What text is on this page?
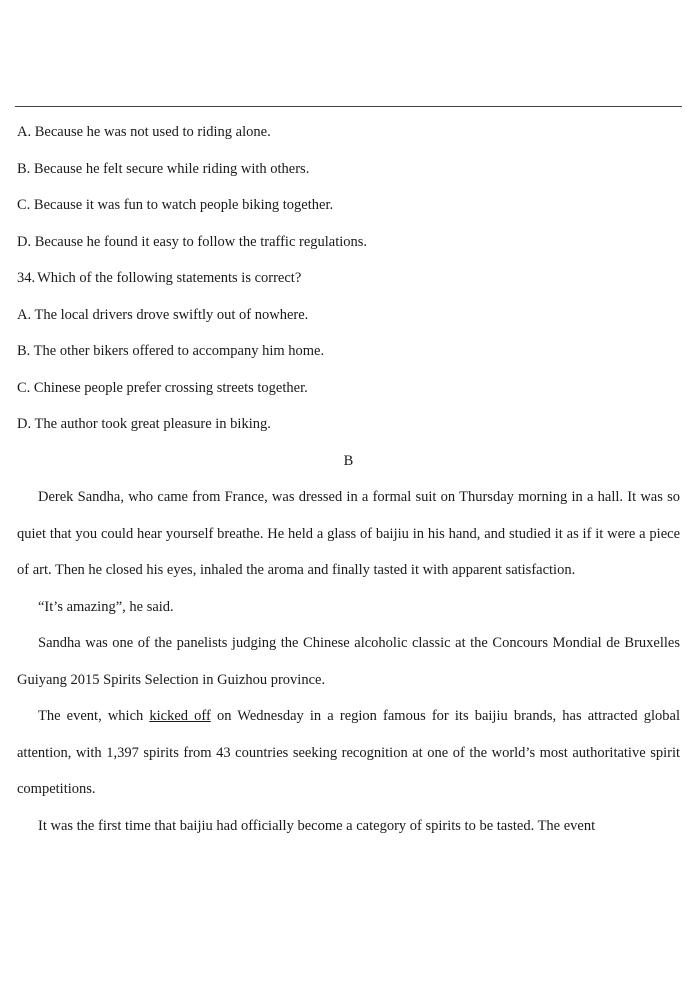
A. Because he was not used to riding alone.
B. Because he felt secure while riding with others.
C. Because it was fun to watch people biking together.
D. Because he found it easy to follow the traffic regulations.
34. Which of the following statements is correct?
A. The local drivers drove swiftly out of nowhere.
B. The other bikers offered to accompany him home.
C. Chinese people prefer crossing streets together.
D. The author took great pleasure in biking.
B

Derek Sandha, who came from France, was dressed in a formal suit on Thursday morning in a hall. It was so quiet that you could hear yourself breathe. He held a glass of baijiu in his hand, and studied it as if it were a piece of art. Then he closed his eyes, inhaled the aroma and finally tasted it with apparent satisfaction.

“It’s amazing”, he said.

Sandha was one of the panelists judging the Chinese alcoholic classic at the Concours Mondial de Bruxelles Guiyang 2015 Spirits Selection in Guizhou province.

The event, which kicked off on Wednesday in a region famous for its baijiu brands, has attracted global attention, with 1,397 spirits from 43 countries seeking recognition at one of the world’s most authoritative spirit competitions.

It was the first time that baijiu had officially become a category of spirits to be tasted. The event
